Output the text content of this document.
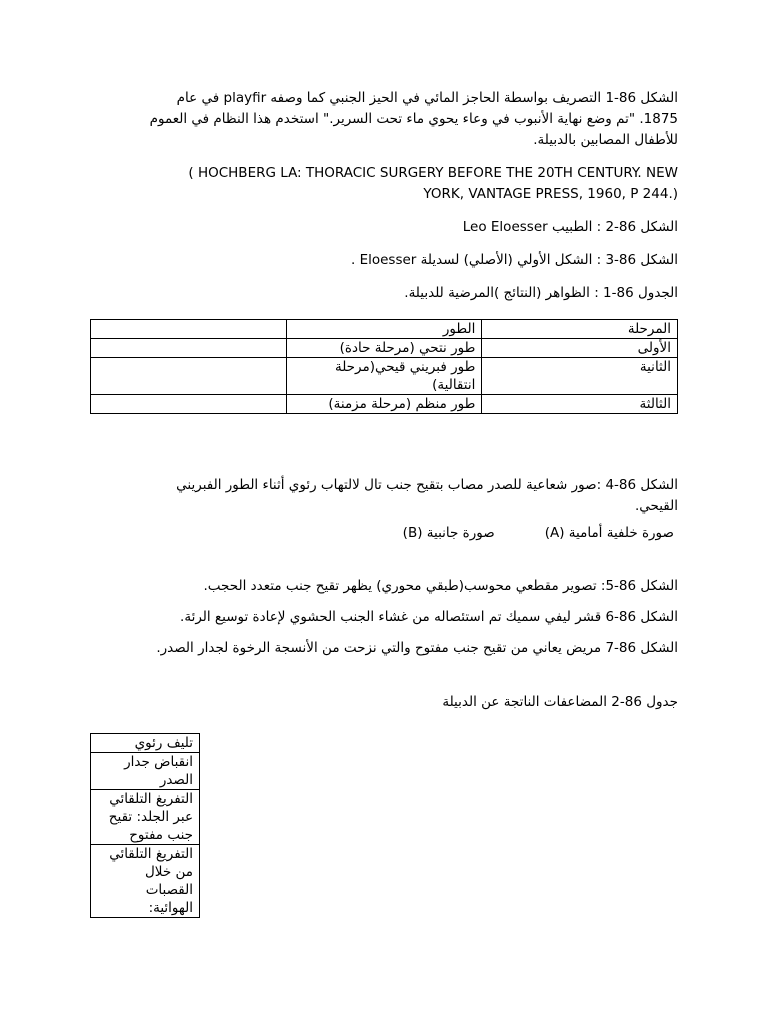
الشكل 86-1 التصريف بواسطة الحاجز المائي في الحيز الجنبي كما وصفه playfir في عام

1875. "تم وضع نهاية الأنبوب في وعاء يحوي ماء تحت السرير." استخدم هذا النظام في العموم

للأطفال المصابين بالدبيلة.

HOCHBERG LA: THORACIC SURGERY BEFORE THE 20TH CENTURY. NEW )

(.YORK, VANTAGE PRESS, 1960, P 244

الشكل 86-2 : الطبيب Leo Eloesser

الشكل 86-3 : الشكل الأولي (الأصلي) لسديلة Eloesser .

الجدول 86-1 : الظواهر (النتائج )المرضية للدبيلة.

المرحلة	الطور	
الأولى	طور نتحي (مرحلة حادة)	
الثانية	طور فبريني قيحي(مرحلة انتقالية)	
الثالثة	طور منظم (مرحلة مزمنة)	

الشكل 86-4 :صور شعاعية للصدر مصاب بتقيح جنب تال لالتهاب رئوي أثناء الطور الفبريني

القيحي.

صورة خلفية أمامية (A)
صورة جانبية (B)

الشكل 86-5: تصوير مقطعي محوسب(طبقي محوري) يظهر تقيح جنب متعدد الحجب.

الشكل 86-6 قشر ليفي سميك تم استئصاله من غشاء الجنب الحشوي لإعادة توسيع الرئة.

الشكل 86-7 مريض يعاني من تقيح جنب مفتوح والتي نزحت من الأنسجة الرخوة لجدار الصدر.

جدول 86-2 المضاعفات الناتجة عن الدبيلة

تليف رئوي
انقباض جدار الصدر
التفريغ التلقائي عبر الجلد: تقيح جنب مفتوح
التفريغ التلقائي من خلال القصبات الهوائية:
